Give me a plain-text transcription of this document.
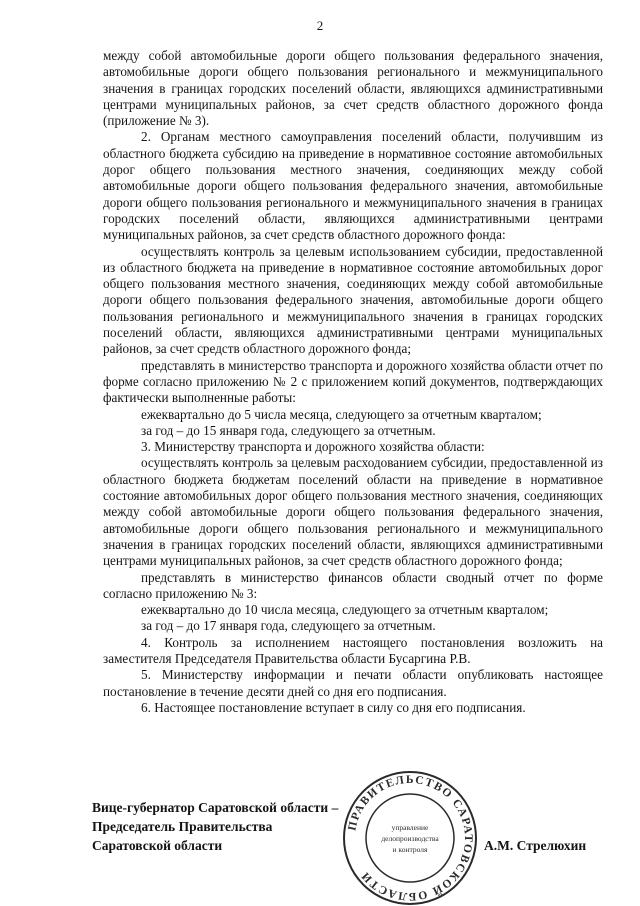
2

между собой автомобильные дороги общего пользования федерального значения, автомобильные дороги общего пользования регионального и межмуниципального значения в границах городских поселений области, являющихся административными центрами муниципальных районов, за счет средств областного дорожного фонда (приложение № 3).

2. Органам местного самоуправления поселений области, получившим из областного бюджета субсидию на приведение в нормативное состояние автомобильных дорог общего пользования местного значения, соединяющих между собой автомобильные дороги общего пользования федерального значения, автомобильные дороги общего пользования регионального и межмуниципального значения в границах городских поселений области, являющихся административными центрами муниципальных районов, за счет средств областного дорожного фонда:

осуществлять контроль за целевым использованием субсидии, предоставленной из областного бюджета на приведение в нормативное состояние автомобильных дорог общего пользования местного значения, соединяющих между собой автомобильные дороги общего пользования федерального значения, автомобильные дороги общего пользования регионального и межмуниципального значения в границах городских поселений области, являющихся административными центрами муниципальных районов, за счет средств областного дорожного фонда;

представлять в министерство транспорта и дорожного хозяйства области отчет по форме согласно приложению № 2 с приложением копий документов, подтверждающих фактически выполненные работы:

ежеквартально до 5 числа месяца, следующего за отчетным кварталом;

за год – до 15 января года, следующего за отчетным.

3. Министерству транспорта и дорожного хозяйства области:

осуществлять контроль за целевым расходованием субсидии, предоставленной из областного бюджета бюджетам поселений области на приведение в нормативное состояние автомобильных дорог общего пользования местного значения, соединяющих между собой автомобильные дороги общего пользования федерального значения, автомобильные дороги общего пользования регионального и межмуниципального значения в границах городских поселений области, являющихся административными центрами муниципальных районов, за счет средств областного дорожного фонда;

представлять в министерство финансов области сводный отчет по форме согласно приложению № 3:

ежеквартально до 10 числа месяца, следующего за отчетным кварталом;

за год – до 17 января года, следующего за отчетным.

4. Контроль за исполнением настоящего постановления возложить на заместителя Председателя Правительства области Бусаргина Р.В.

5. Министерству информации и печати области опубликовать настоящее постановление в течение десяти дней со дня его подписания.

6. Настоящее постановление вступает в силу со дня его подписания.

Вице-губернатор Саратовской области –
Председатель Правительства
Саратовской области	А.М. Стрелюхин
ПРАВИТЕЛЬСТВО САРАТОВСКОЙ ОБЛАСТИ
управление
делопроизводства
и контроля
